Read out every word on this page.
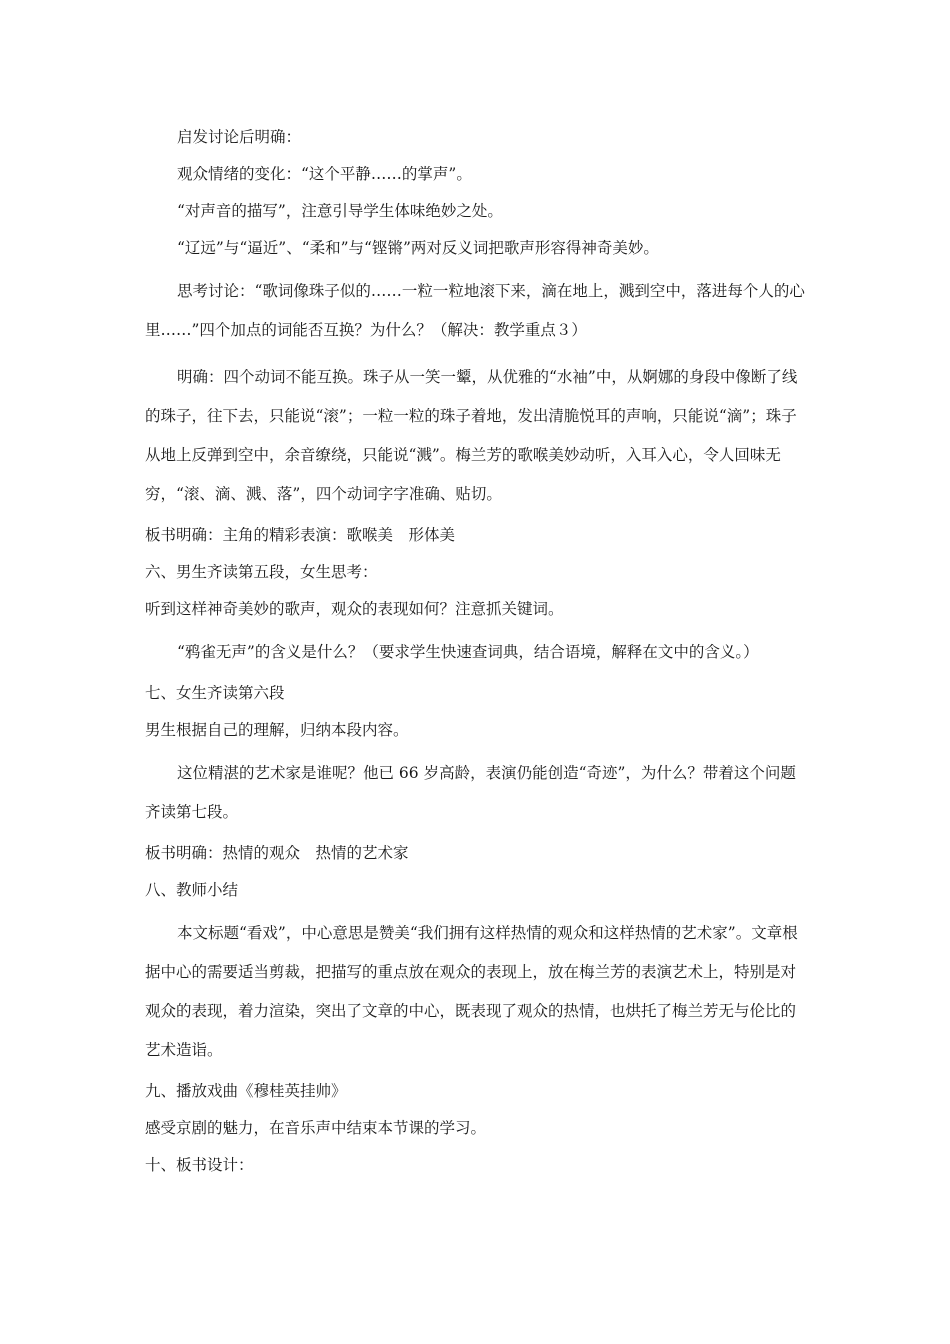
启发讨论后明确：

观众情绪的变化：“这个平静……的掌声”。

“对声音的描写”，注意引导学生体味绝妙之处。

“辽远”与“逼近”、“柔和”与“铿锵”两对反义词把歌声形容得神奇美妙。

思考讨论：“歌词像珠子似的……一粒一粒地滚下来，滴在地上，溅到空中，落进每个人的心里……”四个加点的词能否互换？为什么？（解决：教学重点３）

明确：四个动词不能互换。珠子从一笑一颦，从优雅的“水袖”中，从婀娜的身段中像断了线的珠子，往下去，只能说“滚”；一粒一粒的珠子着地，发出清脆悦耳的声响，只能说“滴”；珠子从地上反弹到空中，余音缭绕，只能说“溅”。梅兰芳的歌喉美妙动听，入耳入心，令人回味无穷，“滚、滴、溅、落”，四个动词字字准确、贴切。

板书明确：主角的精彩表演：歌喉美　形体美

六、男生齐读第五段，女生思考：

听到这样神奇美妙的歌声，观众的表现如何？注意抓关键词。

“鸦雀无声”的含义是什么？（要求学生快速查词典，结合语境，解释在文中的含义。）

七、女生齐读第六段

男生根据自己的理解，归纳本段内容。

这位精湛的艺术家是谁呢？他已 66 岁高龄，表演仍能创造“奇迹”，为什么？带着这个问题齐读第七段。

板书明确：热情的观众　热情的艺术家

八、教师小结

本文标题“看戏”，中心意思是赞美“我们拥有这样热情的观众和这样热情的艺术家”。文章根据中心的需要适当剪裁，把描写的重点放在观众的表现上，放在梅兰芳的表演艺术上，特别是对观众的表现，着力渲染，突出了文章的中心，既表现了观众的热情，也烘托了梅兰芳无与伦比的艺术造诣。

九、播放戏曲《穆桂英挂帅》

感受京剧的魅力，在音乐声中结束本节课的学习。

十、板书设计：
